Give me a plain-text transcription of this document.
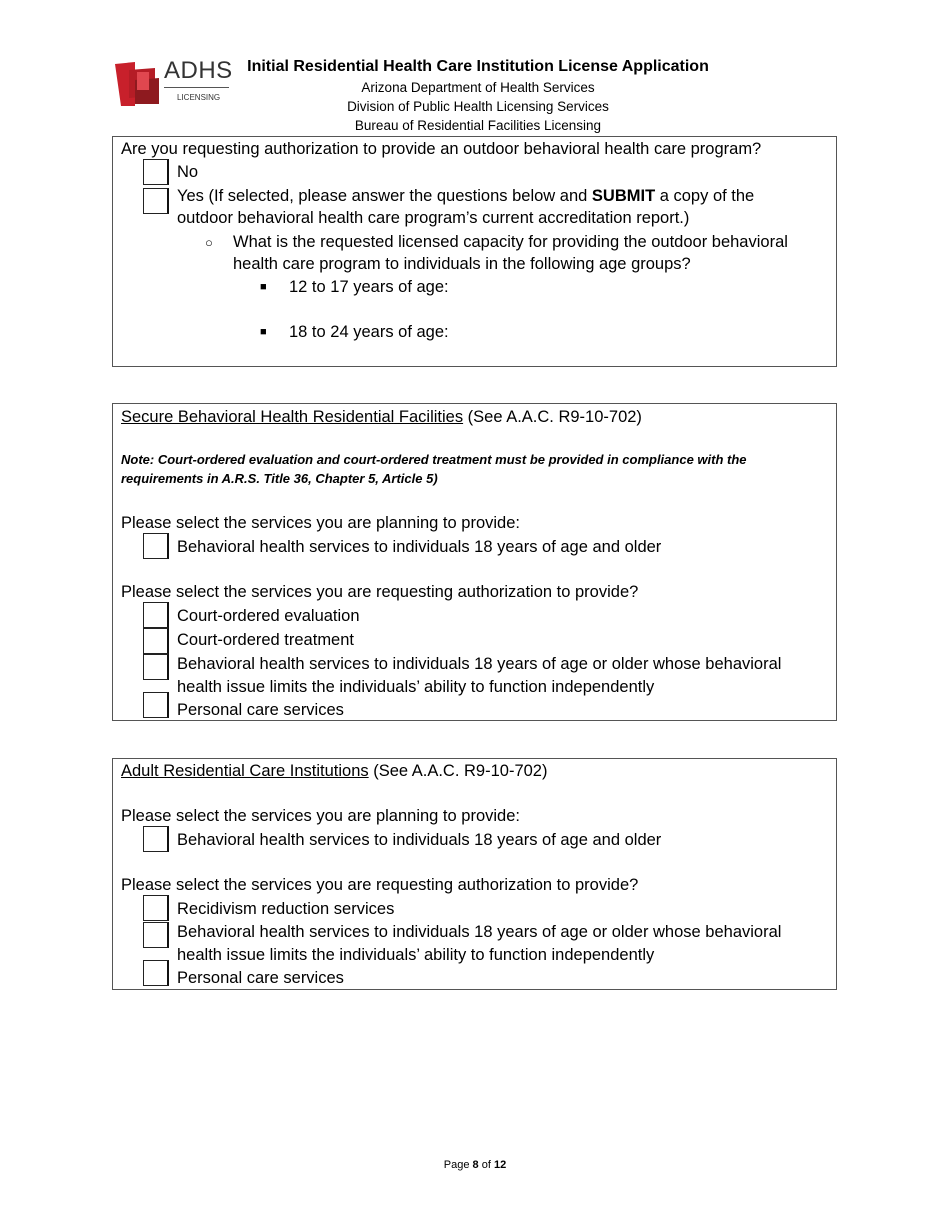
ADHS
LICENSING
Initial Residential Health Care Institution License Application
Arizona Department of Health Services
Division of Public Health Licensing Services
Bureau of Residential Facilities Licensing
Are you requesting authorization to provide an outdoor behavioral health care program?
No
Yes (If selected, please answer the questions below and SUBMIT a copy of the
outdoor behavioral health care program’s current accreditation report.)
○ What is the requested licensed capacity for providing the outdoor behavioral
health care program to individuals in the following age groups?
■ 12 to 17 years of age:
■ 18 to 24 years of age:
Secure Behavioral Health Residential Facilities (See A.A.C. R9-10-702)
Note: Court-ordered evaluation and court-ordered treatment must be provided in compliance with the
requirements in A.R.S. Title 36, Chapter 5, Article 5)
Please select the services you are planning to provide:
Behavioral health services to individuals 18 years of age and older
Please select the services you are requesting authorization to provide?
Court-ordered evaluation
Court-ordered treatment
Behavioral health services to individuals 18 years of age or older whose behavioral
health issue limits the individuals’ ability to function independently
Personal care services
Adult Residential Care Institutions (See A.A.C. R9-10-702)
Please select the services you are planning to provide:
Behavioral health services to individuals 18 years of age and older
Please select the services you are requesting authorization to provide?
Recidivism reduction services
Behavioral health services to individuals 18 years of age or older whose behavioral
health issue limits the individuals’ ability to function independently
Personal care services
Page 8 of 12
